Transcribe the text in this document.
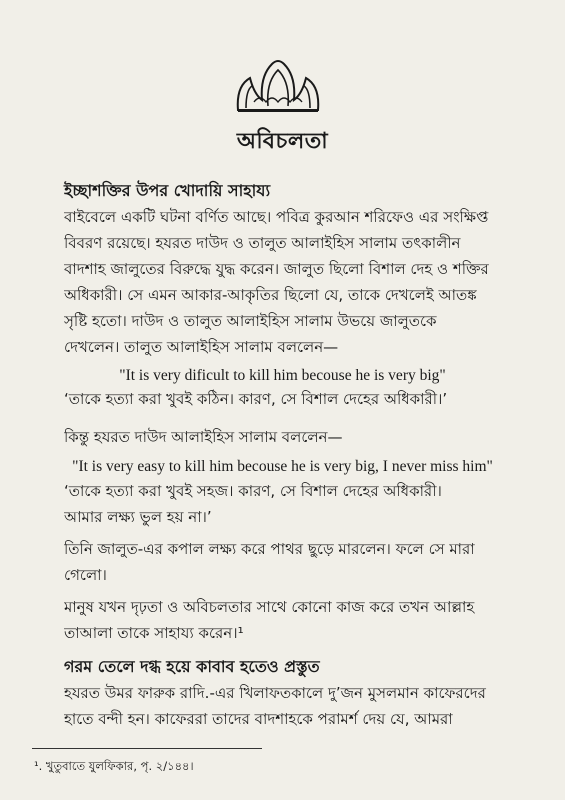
অবিচলতা
ইচ্ছাশক্তির উপর খোদায়ি সাহায্য
বাইবেলে একটি ঘটনা বর্ণিত আছে। পবিত্র কুরআন শরিফেও এর সংক্ষিপ্ত
বিবরণ রয়েছে। হযরত দাউদ ও তালুত আলাইহিস সালাম তৎকালীন
বাদশাহ জালুতের বিরুদ্ধে যুদ্ধ করেন। জালুত ছিলো বিশাল দেহ ও শক্তির
অধিকারী। সে এমন আকার-আকৃতির ছিলো যে, তাকে দেখলেই আতঙ্ক
সৃষ্টি হতো। দাউদ ও তালুত আলাইহিস সালাম উভয়ে জালুতকে
দেখলেন। তালুত আলাইহিস সালাম বললেন—
"It is very dificult to kill him becouse he is very big"
‘তাকে হত্যা করা খুবই কঠিন। কারণ, সে বিশাল দেহের অধিকারী।’
কিন্তু হযরত দাউদ আলাইহিস সালাম বললেন—
"It is very easy to kill him becouse he is very big, I never miss him"
‘তাকে হত্যা করা খুবই সহজ। কারণ, সে বিশাল দেহের অধিকারী।
আমার লক্ষ্য ভুল হয় না।’
তিনি জালুত-এর কপাল লক্ষ্য করে পাথর ছুড়ে মারলেন। ফলে সে মারা
গেলো।
মানুষ যখন দৃঢ়তা ও অবিচলতার সাথে কোনো কাজ করে তখন আল্লাহ
তাআলা তাকে সাহায্য করেন।¹
গরম তেলে দগ্ধ হয়ে কাবাব হতেও প্রস্তুত
হযরত উমর ফারুক রাদি.-এর খিলাফতকালে দু’জন মুসলমান কাফেরদের
হাতে বন্দী হন। কাফেররা তাদের বাদশাহকে পরামর্শ দেয় যে, আমরা
¹. খুতুবাতে যুলফিকার, পৃ. ২/১৪৪।
